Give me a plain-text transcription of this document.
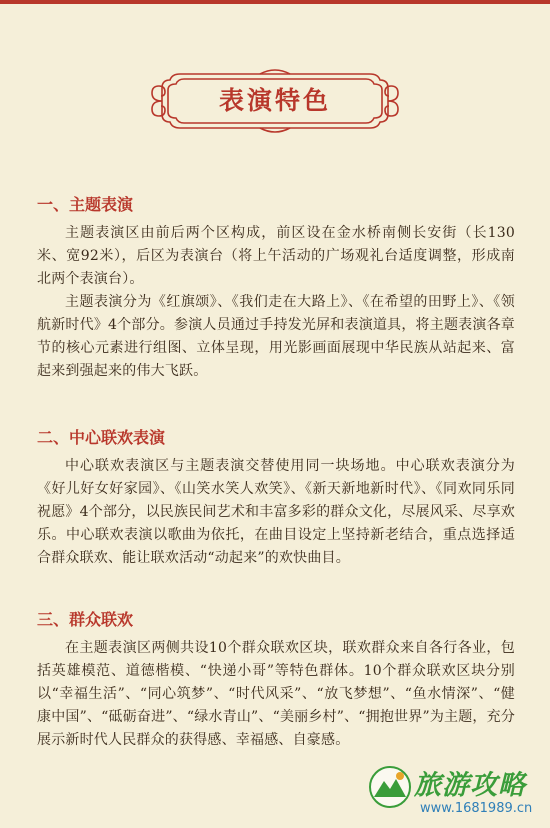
表演特色
一、主题表演

主题表演区由前后两个区构成，前区设在金水桥南侧长安街（长130米、宽92米），后区为表演台（将上午活动的广场观礼台适度调整，形成南北两个表演台）。

主题表演分为《红旗颂》、《我们走在大路上》、《在希望的田野上》、《领航新时代》4个部分。参演人员通过手持发光屏和表演道具，将主题表演各章节的核心元素进行组图、立体呈现，用光影画面展现中华民族从站起来、富起来到强起来的伟大飞跃。

二、中心联欢表演

中心联欢表演区与主题表演交替使用同一块场地。中心联欢表演分为《好儿好女好家园》、《山笑水笑人欢笑》、《新天新地新时代》、《同欢同乐同祝愿》4个部分，以民族民间艺术和丰富多彩的群众文化，尽展风采、尽享欢乐。中心联欢表演以歌曲为依托，在曲目设定上坚持新老结合，重点选择适合群众联欢、能让联欢活动“动起来”的欢快曲目。

三、群众联欢

在主题表演区两侧共设10个群众联欢区块，联欢群众来自各行各业，包括英雄模范、道德楷模、“快递小哥”等特色群体。10个群众联欢区块分别以“幸福生活”、“同心筑梦”、“时代风采”、“放飞梦想”、“鱼水情深”、“健康中国”、“砥砺奋进”、“绿水青山”、“美丽乡村”、“拥抱世界”为主题，充分展示新时代人民群众的获得感、幸福感、自豪感。

旅游攻略
www.1681989.cn
